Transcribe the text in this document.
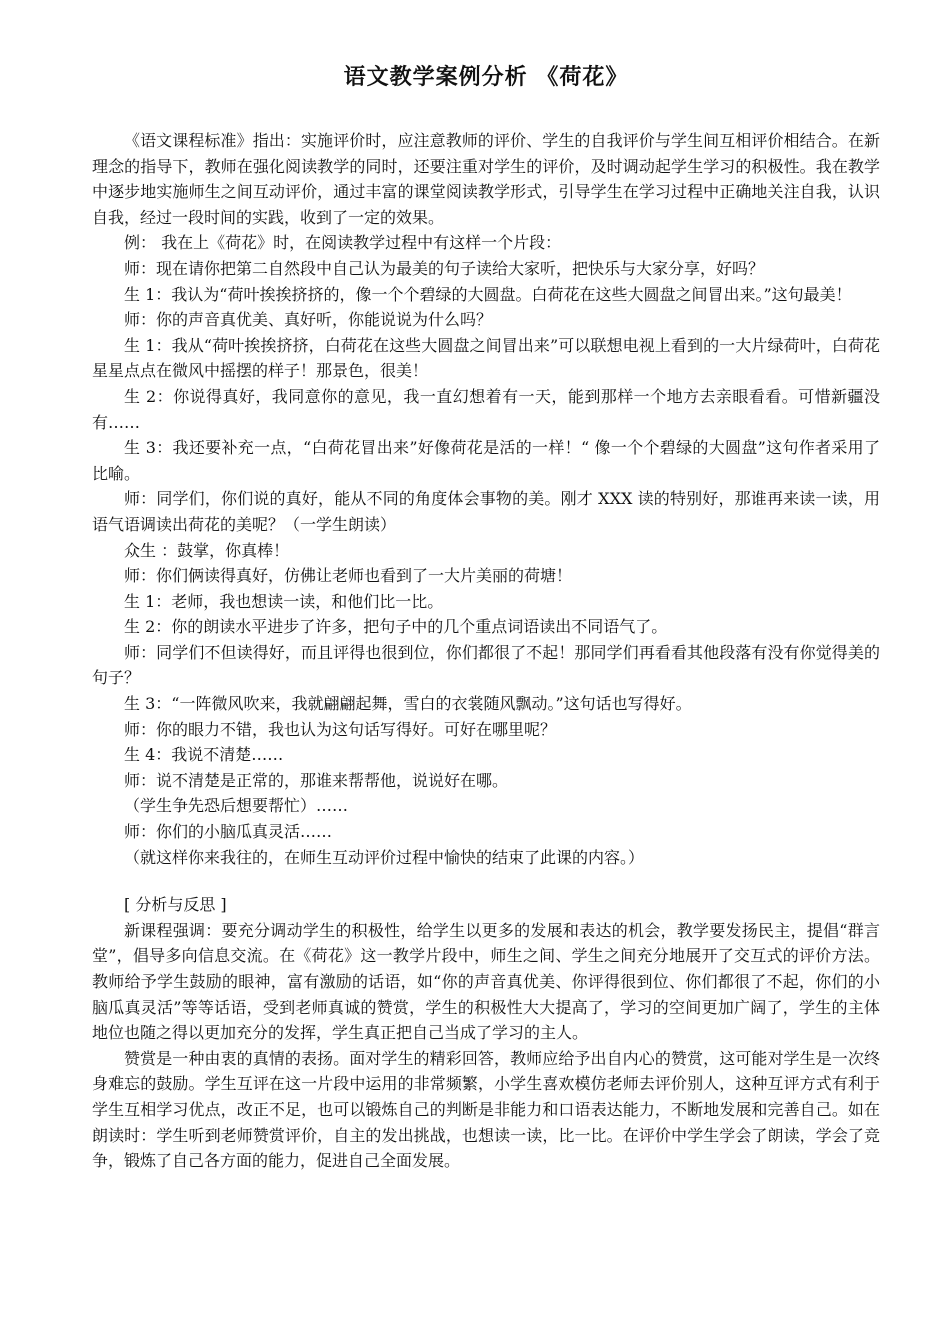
语文教学案例分析 《荷花》

《语文课程标准》指出：实施评价时，应注意教师的评价、学生的自我评价与学生间互相评价相结合。在新理念的指导下，教师在强化阅读教学的同时，还要注重对学生的评价，及时调动起学生学习的积极性。我在教学中逐步地实施师生之间互动评价，通过丰富的课堂阅读教学形式，引导学生在学习过程中正确地关注自我，认识自我，经过一段时间的实践，收到了一定的效果。

例： 我在上《荷花》时，在阅读教学过程中有这样一个片段：

师：现在请你把第二自然段中自己认为最美的句子读给大家听，把快乐与大家分享，好吗？

生 1：我认为“荷叶挨挨挤挤的，像一个个碧绿的大圆盘。白荷花在这些大圆盘之间冒出来。”这句最美！

师：你的声音真优美、真好听，你能说说为什么吗？

生 1：我从“荷叶挨挨挤挤，白荷花在这些大圆盘之间冒出来”可以联想电视上看到的一大片绿荷叶，白荷花星星点点在微风中摇摆的样子！那景色，很美！

生 2：你说得真好，我同意你的意见，我一直幻想着有一天，能到那样一个地方去亲眼看看。可惜新疆没有……

生 3：我还要补充一点，“白荷花冒出来”好像荷花是活的一样！“ 像一个个碧绿的大圆盘”这句作者采用了比喻。

师：同学们，你们说的真好，能从不同的角度体会事物的美。刚才 XXX 读的特别好，那谁再来读一读，用语气语调读出荷花的美呢？（一学生朗读）

众生 ：鼓掌，你真棒！

师：你们俩读得真好，仿佛让老师也看到了一大片美丽的荷塘！

生 1：老师，我也想读一读，和他们比一比。

生 2：你的朗读水平进步了许多，把句子中的几个重点词语读出不同语气了。

师：同学们不但读得好，而且评得也很到位，你们都很了不起！那同学们再看看其他段落有没有你觉得美的句子？

生 3：“一阵微风吹来，我就翩翩起舞，雪白的衣裳随风飘动。”这句话也写得好。

师：你的眼力不错，我也认为这句话写得好。可好在哪里呢？

生 4：我说不清楚……

师：说不清楚是正常的，那谁来帮帮他，说说好在哪。

（学生争先恐后想要帮忙）……

师：你们的小脑瓜真灵活……

（就这样你来我往的，在师生互动评价过程中愉快的结束了此课的内容。）

[ 分析与反思 ]

新课程强调：要充分调动学生的积极性，给学生以更多的发展和表达的机会，教学要发扬民主，提倡“群言堂”，倡导多向信息交流。在《荷花》这一教学片段中，师生之间、学生之间充分地展开了交互式的评价方法。教师给予学生鼓励的眼神，富有激励的话语，如“你的声音真优美、你评得很到位、你们都很了不起，你们的小脑瓜真灵活”等等话语，受到老师真诚的赞赏，学生的积极性大大提高了，学习的空间更加广阔了，学生的主体地位也随之得以更加充分的发挥，学生真正把自己当成了学习的主人。

赞赏是一种由衷的真情的表扬。面对学生的精彩回答，教师应给予出自内心的赞赏，这可能对学生是一次终身难忘的鼓励。学生互评在这一片段中运用的非常频繁，小学生喜欢模仿老师去评价别人，这种互评方式有利于学生互相学习优点，改正不足，也可以锻炼自己的判断是非能力和口语表达能力，不断地发展和完善自己。如在朗读时：学生听到老师赞赏评价，自主的发出挑战，也想读一读，比一比。在评价中学生学会了朗读，学会了竞争，锻炼了自己各方面的能力，促进自己全面发展。
